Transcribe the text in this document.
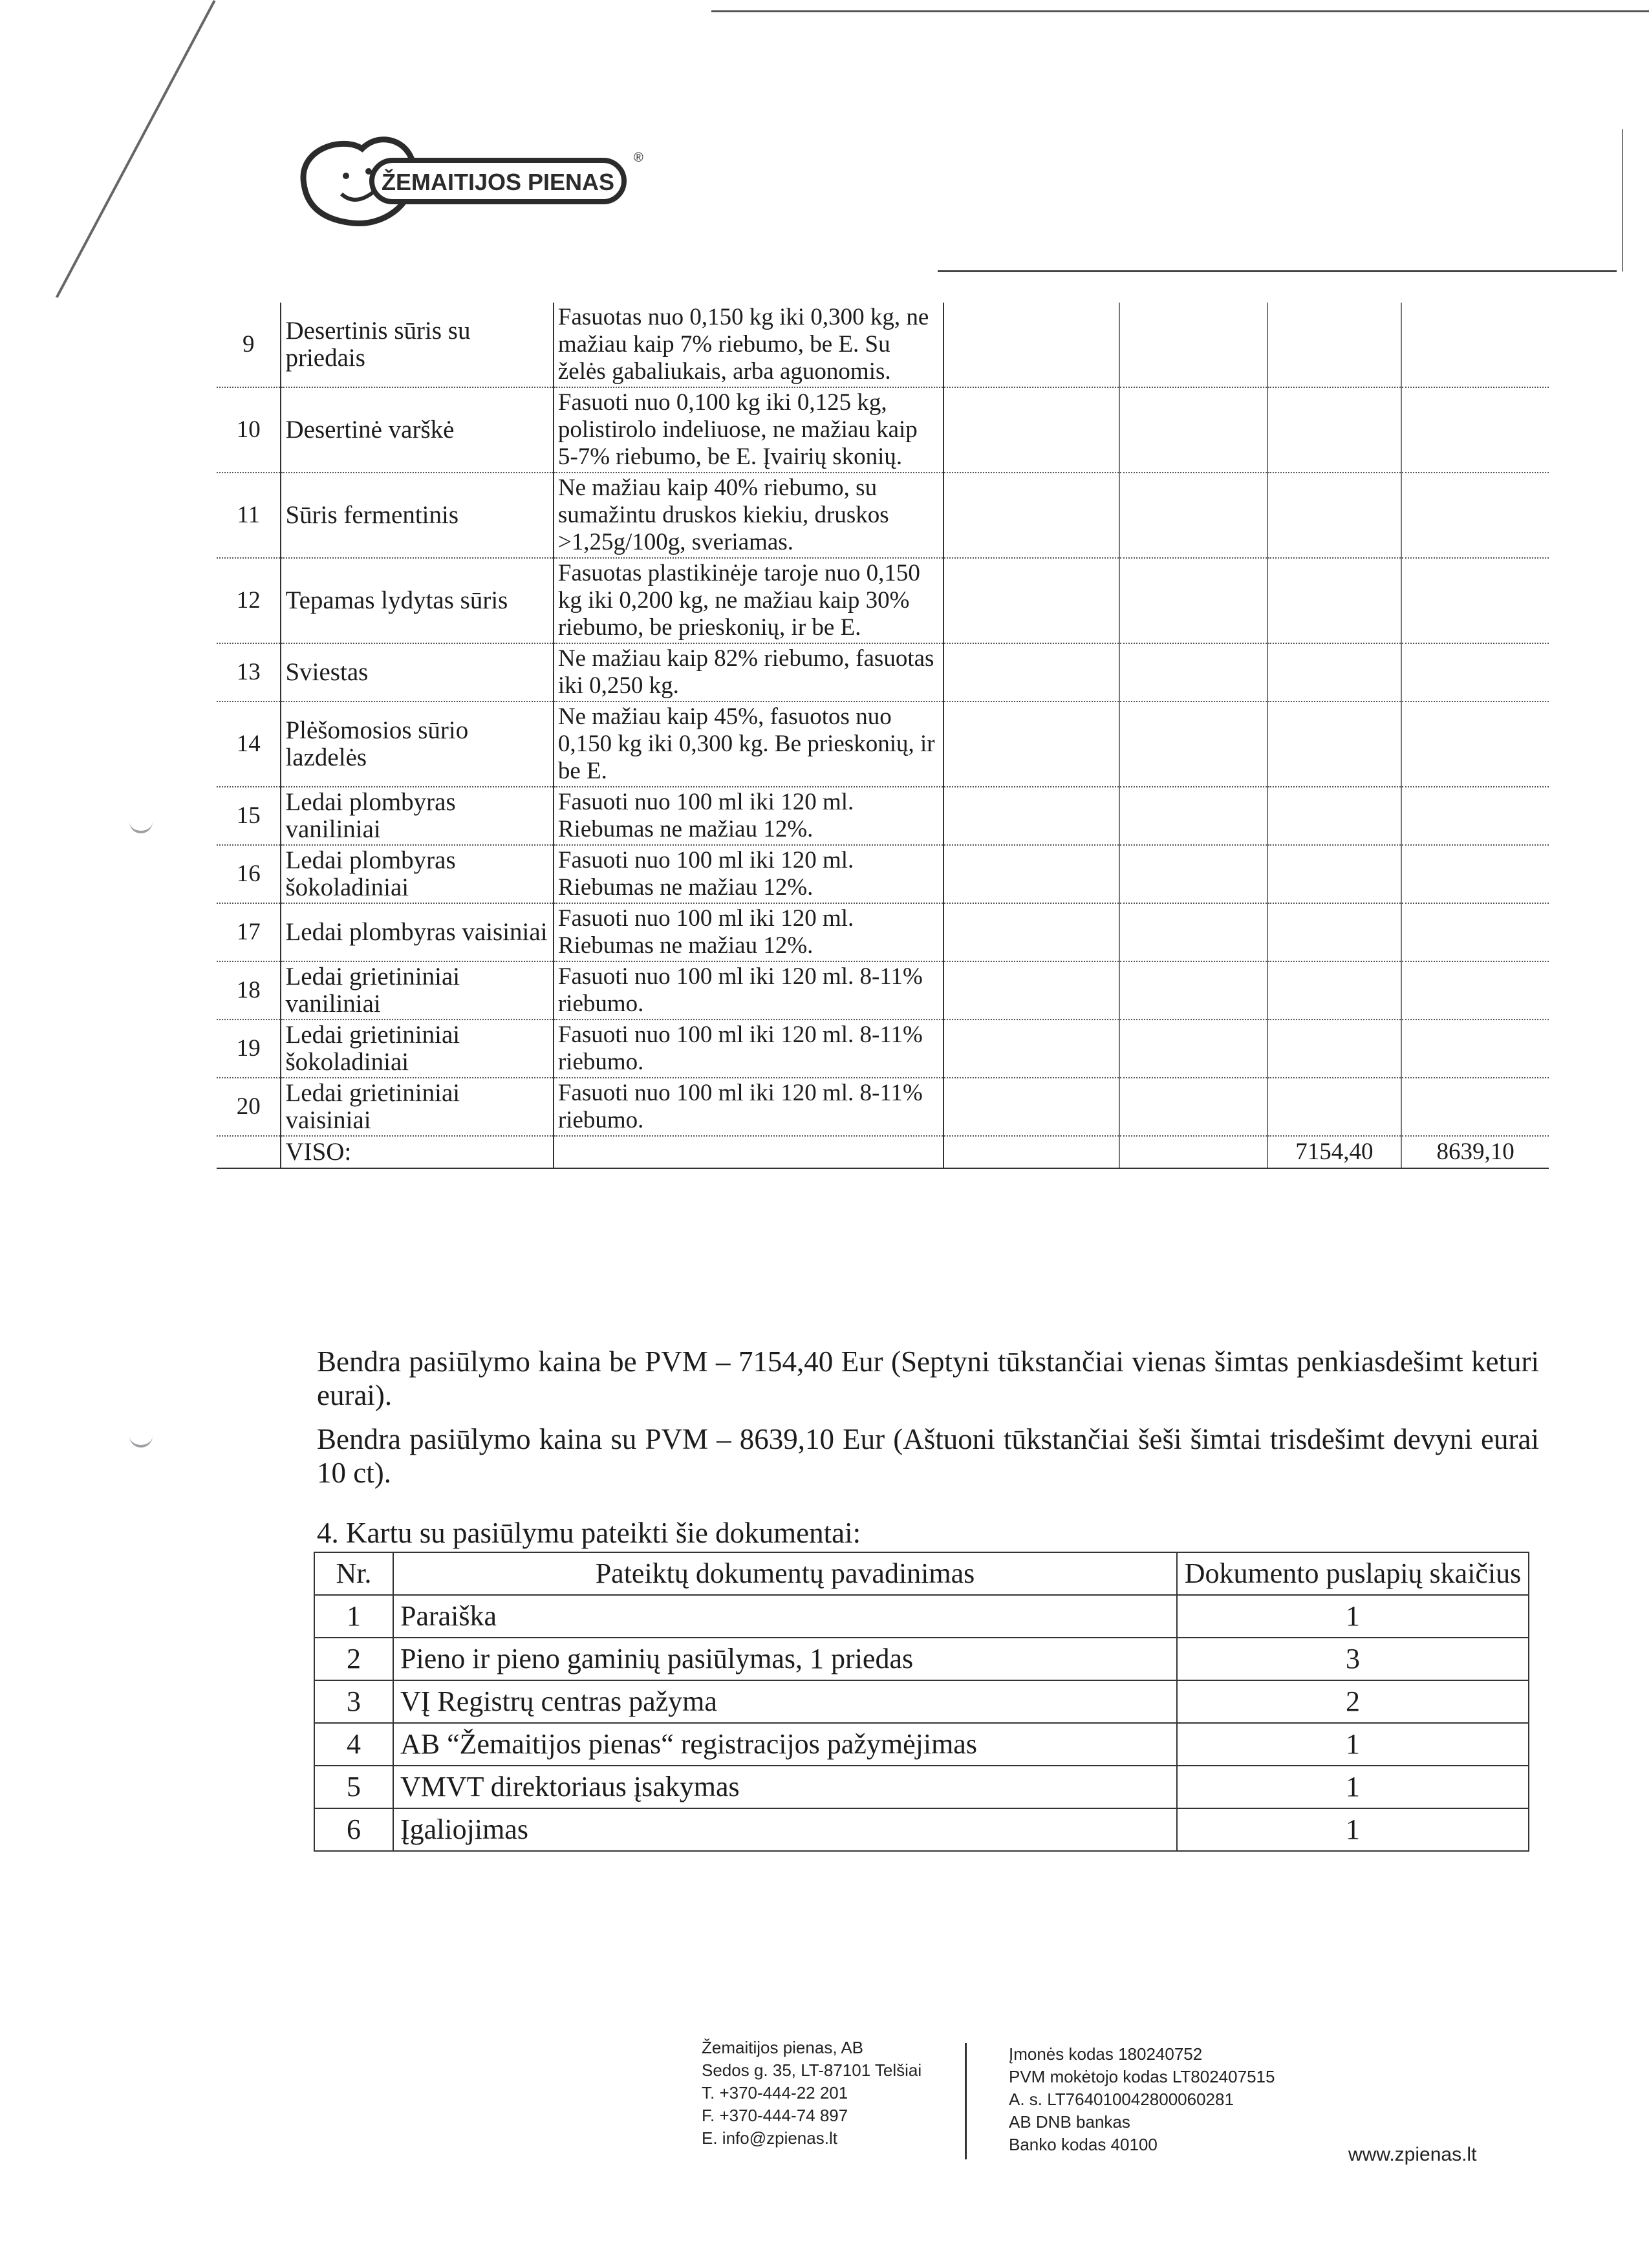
ŽEMAITIJOS PIENAS
®
9	Desertinis sūris su priedais	Fasuotas nuo 0,150 kg iki 0,300 kg, ne mažiau kaip 7% riebumo, be E. Su želės gabaliukais, arba aguonomis.				
10	Desertinė varškė	Fasuoti nuo 0,100 kg iki 0,125 kg, polistirolo indeliuose, ne mažiau kaip 5-7% riebumo, be E. Įvairių skonių.				
11	Sūris fermentinis	Ne mažiau kaip 40% riebumo, su sumažintu druskos kiekiu, druskos >1,25g/100g, sveriamas.				
12	Tepamas lydytas sūris	Fasuotas plastikinėje taroje nuo 0,150 kg iki 0,200 kg, ne mažiau kaip 30% riebumo, be prieskonių, ir be E.				
13	Sviestas	Ne mažiau kaip 82% riebumo, fasuotas iki 0,250 kg.				
14	Plėšomosios sūrio lazdelės	Ne mažiau kaip 45%, fasuotos nuo 0,150 kg iki 0,300 kg. Be prieskonių, ir be E.				
15	Ledai plombyras vaniliniai	Fasuoti nuo 100 ml iki 120 ml. Riebumas ne mažiau 12%.				
16	Ledai plombyras šokoladiniai	Fasuoti nuo 100 ml iki 120 ml. Riebumas ne mažiau 12%.				
17	Ledai plombyras vaisiniai	Fasuoti nuo 100 ml iki 120 ml. Riebumas ne mažiau 12%.				
18	Ledai grietininiai vaniliniai	Fasuoti nuo 100 ml iki 120 ml. 8-11% riebumo.				
19	Ledai grietininiai šokoladiniai	Fasuoti nuo 100 ml iki 120 ml. 8-11% riebumo.				
20	Ledai grietininiai vaisiniai	Fasuoti nuo 100 ml iki 120 ml. 8-11% riebumo.				
	VISO:				7154,40	8639,10
Bendra pasiūlymo kaina be PVM – 7154,40 Eur (Septyni tūkstančiai vienas šimtas penkiasdešimt keturi eurai).
Bendra pasiūlymo kaina su PVM – 8639,10 Eur (Aštuoni tūkstančiai šeši šimtai trisdešimt devyni eurai 10 ct).
4. Kartu su pasiūlymu pateikti šie dokumentai:
Nr.	Pateiktų dokumentų pavadinimas	Dokumento puslapių skaičius
1	Paraiška	1
2	Pieno ir pieno gaminių pasiūlymas, 1 priedas	3
3	VĮ Registrų centras pažyma	2
4	AB “Žemaitijos pienas“ registracijos pažymėjimas	1
5	VMVT direktoriaus įsakymas	1
6	Įgaliojimas	1
Žemaitijos pienas, AB
Sedos g. 35, LT-87101 Telšiai
T. +370-444-22 201
F. +370-444-74 897
E. info@zpienas.lt
Įmonės kodas 180240752
PVM mokėtojo kodas LT802407515
A. s. LT764010042800060281
AB DNB bankas
Banko kodas 40100	www.zpienas.lt
